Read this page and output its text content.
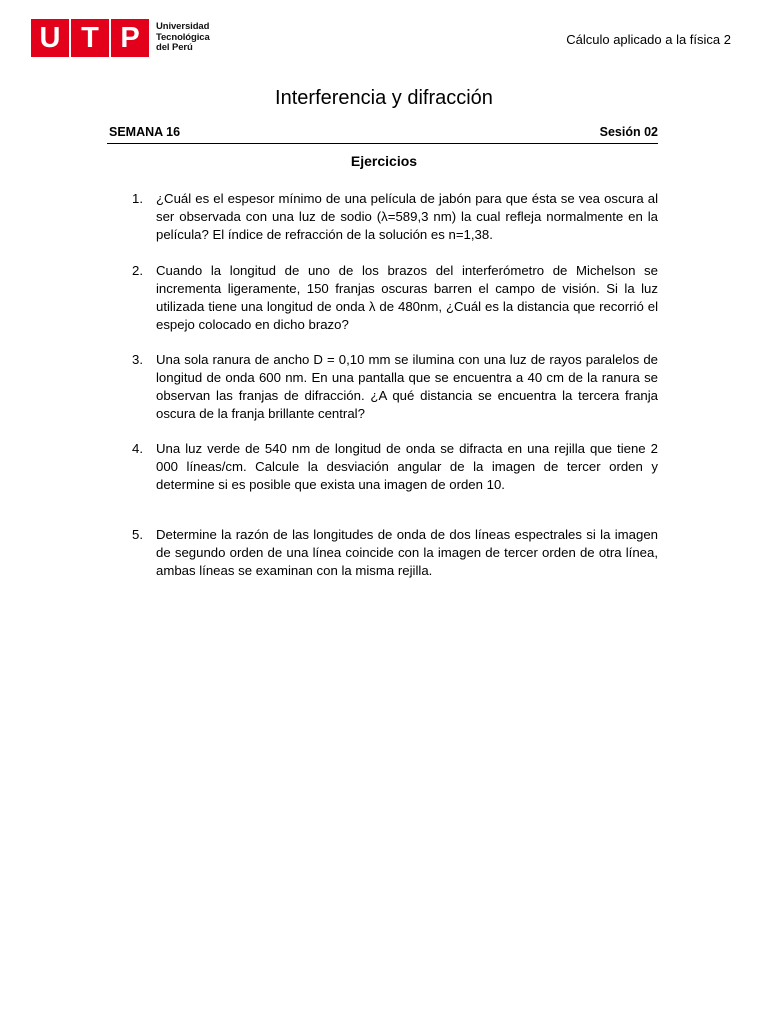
U T P	Universidad
Tecnológica
del Perú
Cálculo aplicado a la física 2
Interferencia y difracción
SEMANA 16	Sesión 02
Ejercicios
1. ¿Cuál es el espesor mínimo de una película de jabón para que ésta se vea oscura al ser observada con una luz de sodio (λ=589,3 nm) la cual refleja normalmente en la película? El índice de refracción de la solución es n=1,38.
2. Cuando la longitud de uno de los brazos del interferómetro de Michelson se incrementa ligeramente, 150 franjas oscuras barren el campo de visión. Si la luz utilizada tiene una longitud de onda λ de 480nm, ¿Cuál es la distancia que recorrió el espejo colocado en dicho brazo?
3. Una sola ranura de ancho D = 0,10 mm se ilumina con una luz de rayos paralelos de longitud de onda 600 nm. En una pantalla que se encuentra a 40 cm de la ranura se observan las franjas de difracción. ¿A qué distancia se encuentra la tercera franja oscura de la franja brillante central?
4. Una luz verde de 540 nm de longitud de onda se difracta en una rejilla que tiene 2 000 líneas/cm. Calcule la desviación angular de la imagen de tercer orden y determine si es posible que exista una imagen de orden 10.
5. Determine la razón de las longitudes de onda de dos líneas espectrales si la imagen de segundo orden de una línea coincide con la imagen de tercer orden de otra línea, ambas líneas se examinan con la misma rejilla.
